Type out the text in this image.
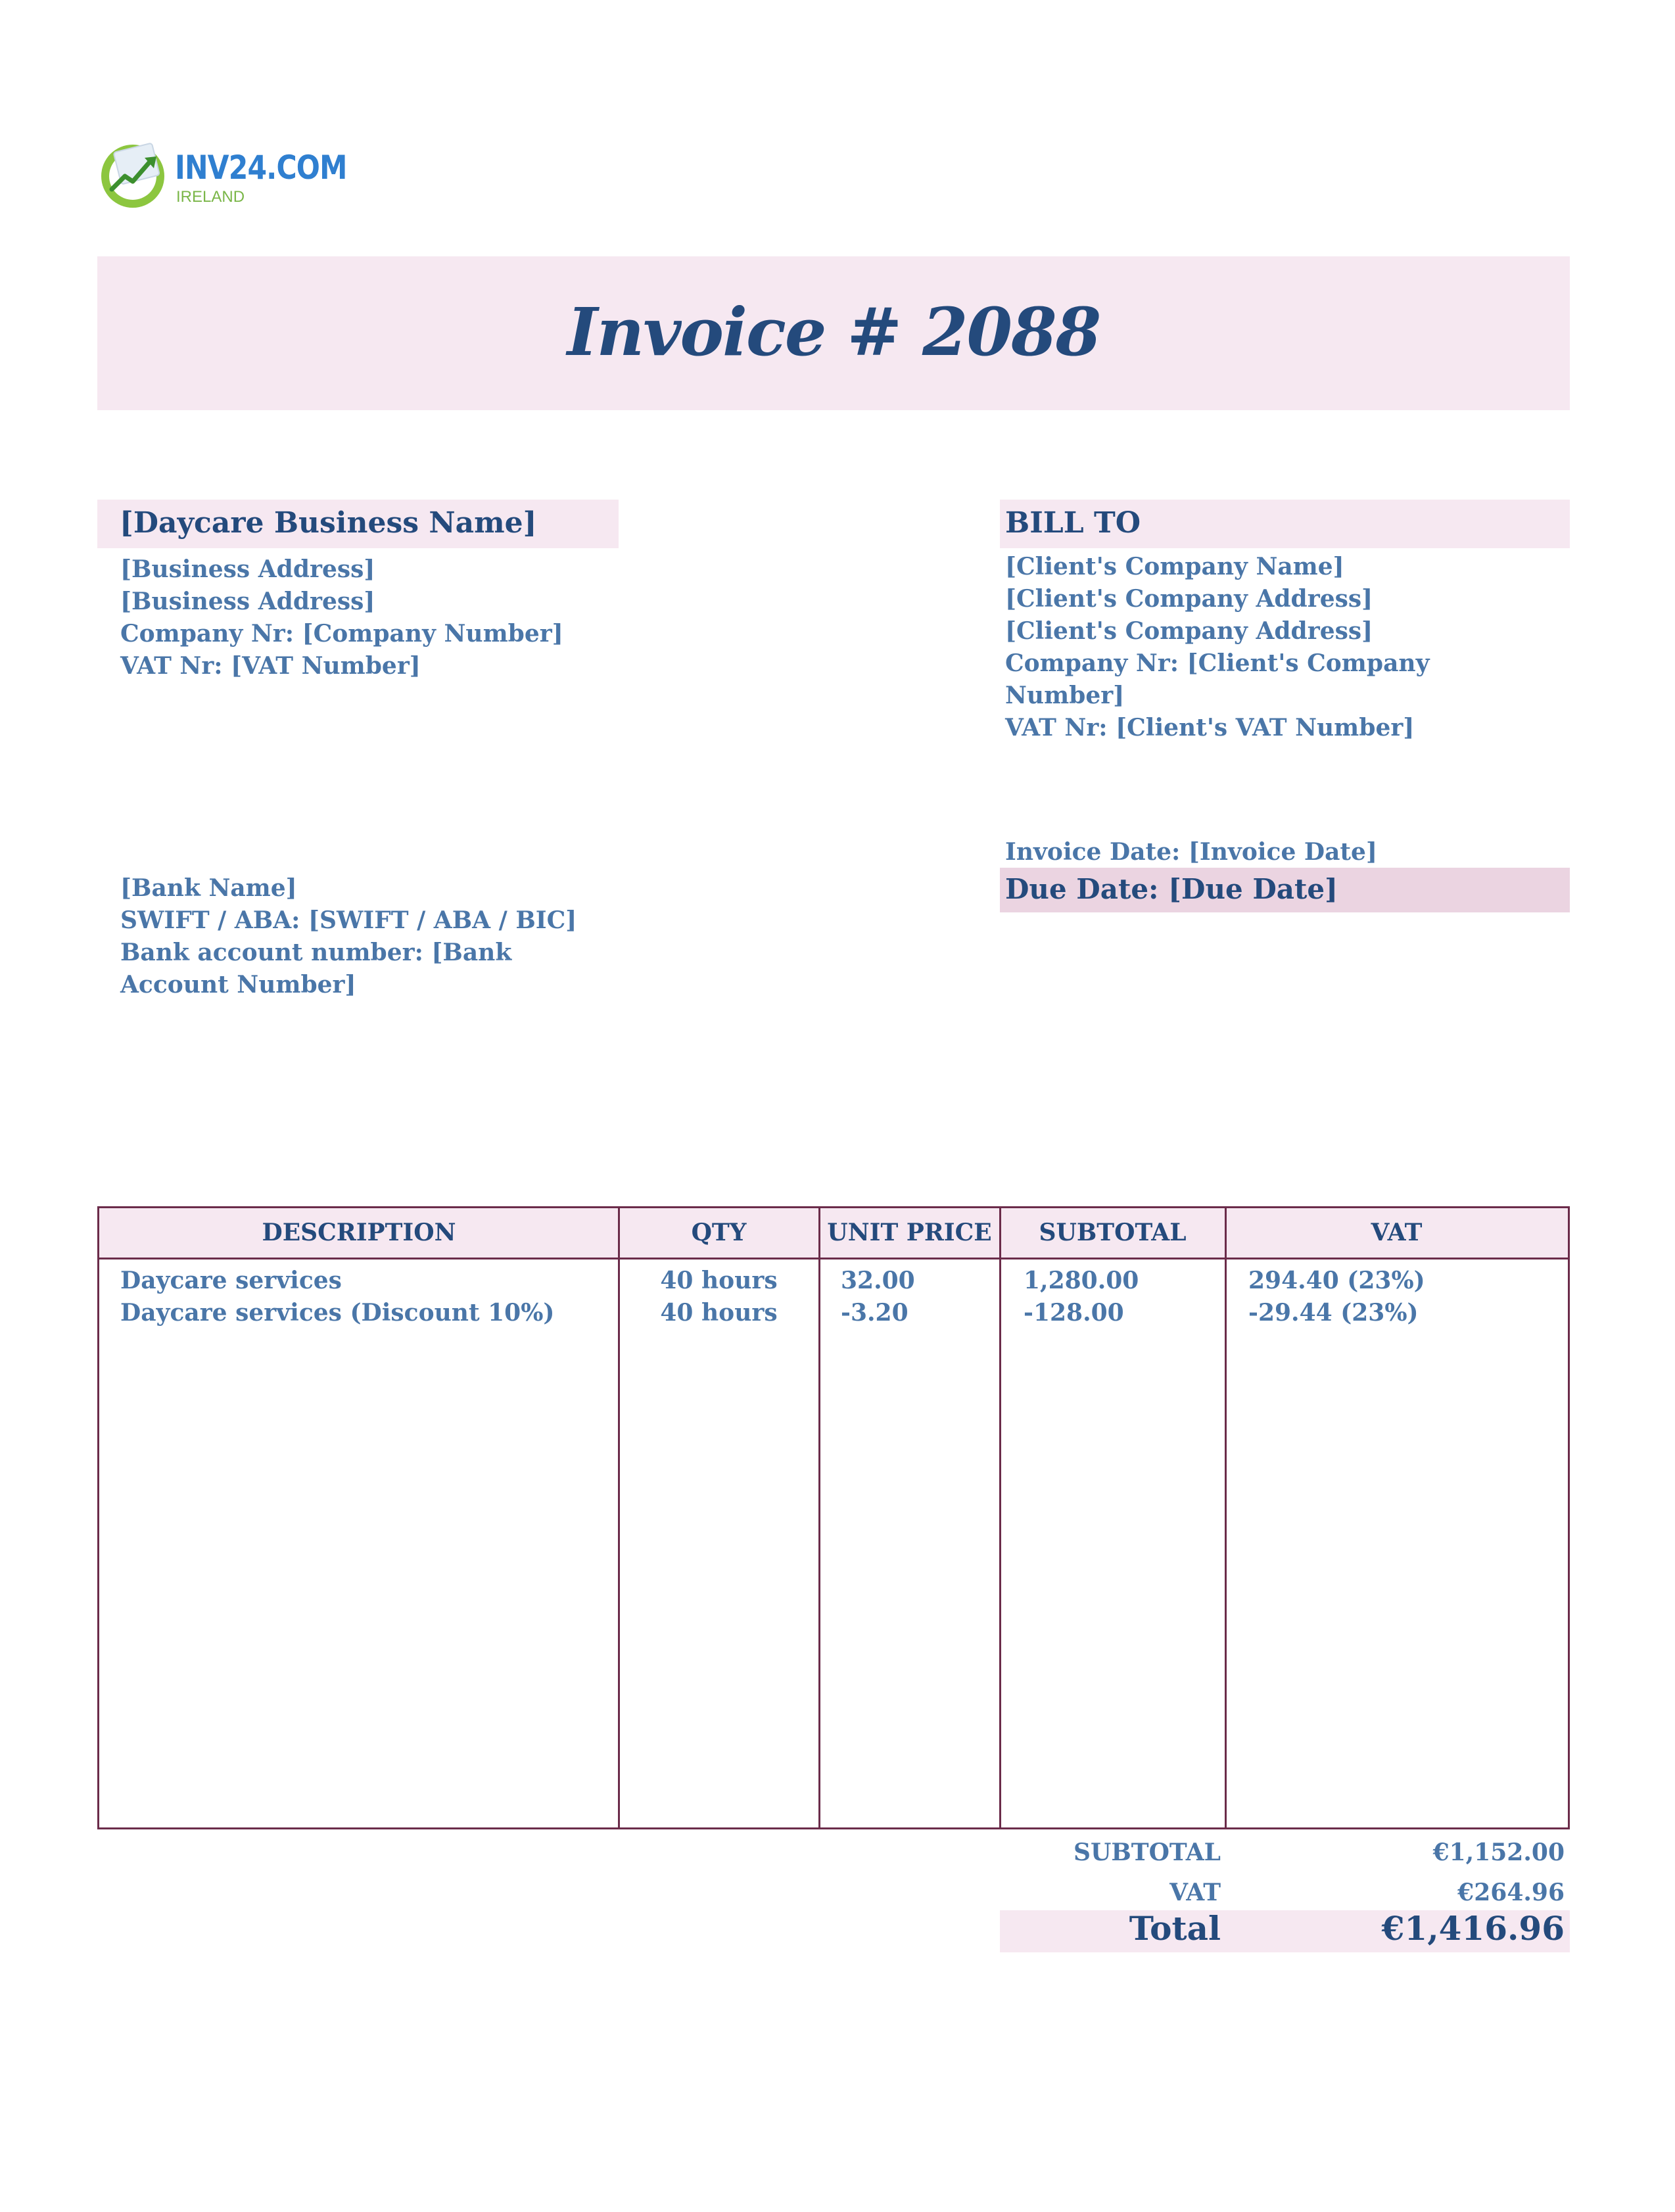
INV24.COM
IRELAND
Invoice # 2088
[Daycare Business Name]
[Business Address]
[Business Address]
Company Nr: [Company Number]
VAT Nr: [VAT Number]
BILL TO
[Client's Company Name]
[Client's Company Address]
[Client's Company Address]
Company Nr: [Client's Company
Number]
VAT Nr: [Client's VAT Number]
[Bank Name]
SWIFT / ABA: [SWIFT / ABA / BIC]
Bank account number: [Bank
Account Number]
Invoice Date: [Invoice Date]
Due Date: [Due Date]
DESCRIPTION	QTY	UNIT PRICE	SUBTOTAL	VAT
Daycare services	40 hours	32.00	1,280.00	294.40 (23%)
Daycare services (Discount 10%)	40 hours	-3.20	-128.00	-29.44 (23%)
SUBTOTAL	€1,152.00
VAT	€264.96
Total	€1,416.96
